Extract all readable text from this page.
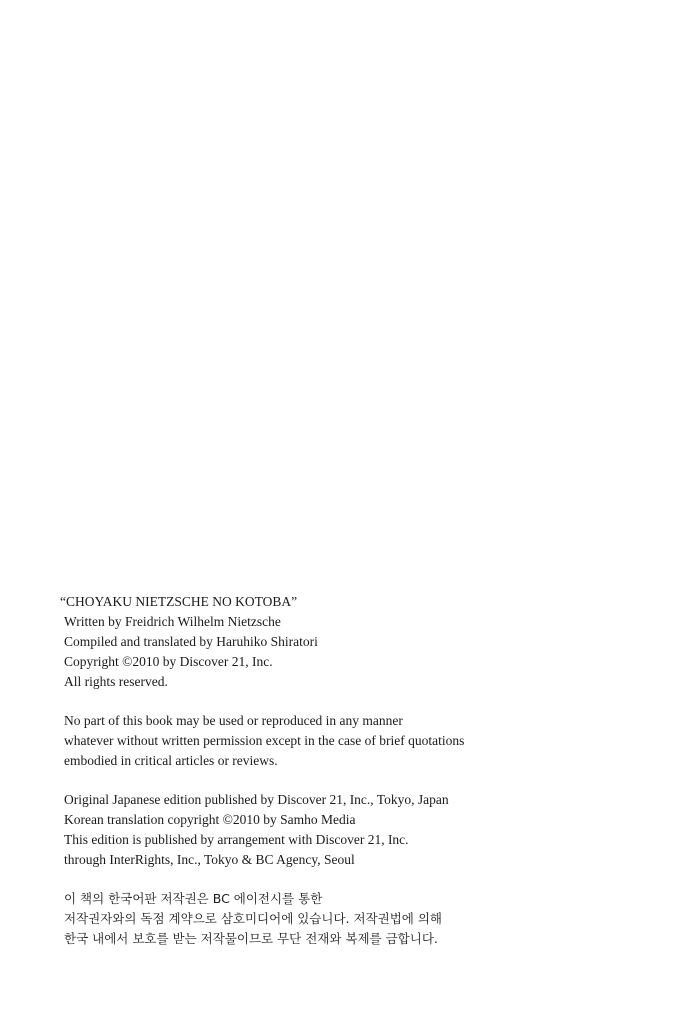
“CHOYAKU NIETZSCHE NO KOTOBA”
Written by Freidrich Wilhelm Nietzsche
Compiled and translated by Haruhiko Shiratori
Copyright ©2010 by Discover 21, Inc.
All rights reserved.
No part of this book may be used or reproduced in any manner
whatever without written permission except in the case of brief quotations
embodied in critical articles or reviews.
Original Japanese edition published by Discover 21, Inc., Tokyo, Japan
Korean translation copyright ©2010 by Samho Media
This edition is published by arrangement with Discover 21, Inc.
through InterRights, Inc., Tokyo & BC Agency, Seoul
이 책의 한국어판 저작권은 BC 에이전시를 통한
저작권자와의 독점 계약으로 삼호미디어에 있습니다. 저작권법에 의해
한국 내에서 보호를 받는 저작물이므로 무단 전재와 복제를 금합니다.
